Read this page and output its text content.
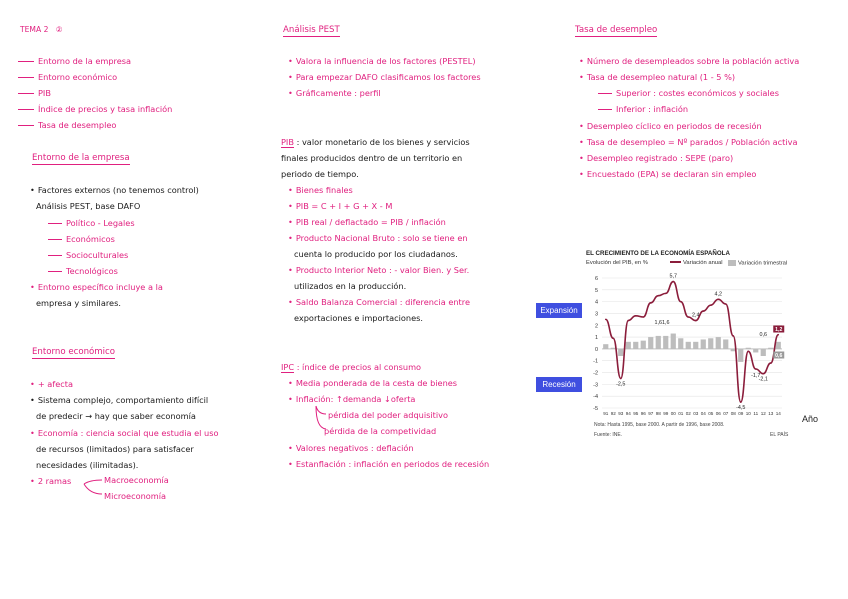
TEMA 2 ②
Entorno de la empresa
Entorno económico
PIB
Índice de precios y tasa inflación
Tasa de desempleo
Entorno de la empresa
• Factores externos (no tenemos control)
Análisis PEST, base DAFO
Político - Legales
Económicos
Socioculturales
Tecnológicos
• Entorno específico incluye a la
empresa y similares.
Entorno económico
• + afecta
• Sistema complejo, comportamiento difícil
de predecir → hay que saber economía
• Economía : ciencia social que estudia el uso
de recursos (limitados) para satisfacer
necesidades (ilimitadas).
• 2 ramas	Macroeconomía
Microeconomía
Análisis PEST
• Valora la influencia de los factores (PESTEL)
• Para empezar DAFO clasificamos los factores
• Gráficamente : perfil
PIB : valor monetario de los bienes y servicios
finales producidos dentro de un territorio en
periodo de tiempo.
• Bienes finales
• PIB = C + I + G + X - M
• PIB real / deflactado = PIB / inflación
• Producto Nacional Bruto : solo se tiene en
cuenta lo producido por los ciudadanos.
• Producto Interior Neto : - valor Bien. y Ser.
utilizados en la producción.
• Saldo Balanza Comercial : diferencia entre
exportaciones e importaciones.
IPC : índice de precios al consumo
• Media ponderada de la cesta de bienes
• Inflación: ↑demanda ↓oferta
pérdida del poder adquisitivo
pérdida de la competividad
• Valores negativos : deflación
• Estanflación : inflación en periodos de recesión
Tasa de desempleo
• Número de desempleados sobre la población activa
• Tasa de desempleo natural (1 - 5 %)
Superior : costes económicos y sociales
Inferior : inflación
• Desempleo cíclico en periodos de recesión
• Tasa de desempleo = Nº parados / Población activa
• Desempleo registrado : SEPE (paro)
• Encuestado (EPA) se declaran sin empleo
Expansión
Recesión
EL CRECIMIENTO DE LA ECONOMÍA ESPAÑOLA
Evolución del PIB, en %	Variación anual	Variación trimestral
6
5
4
3
2
1
0
-1
-2
-3
-4
-5
91 92 93 94 95 96 97 98 99 00 01 02 03 04 05 06 07 08 09 10 11 12 13 14
5,7
2,4
4,2
1,6 1,6
0,6
-2,5
-1,7
-2,1
-4,5
1,2
0,6
Nota: Hasta 1995, base 2000. A partir de 1996, base 2008.
Fuente: INE.	EL PAÍS
Año
